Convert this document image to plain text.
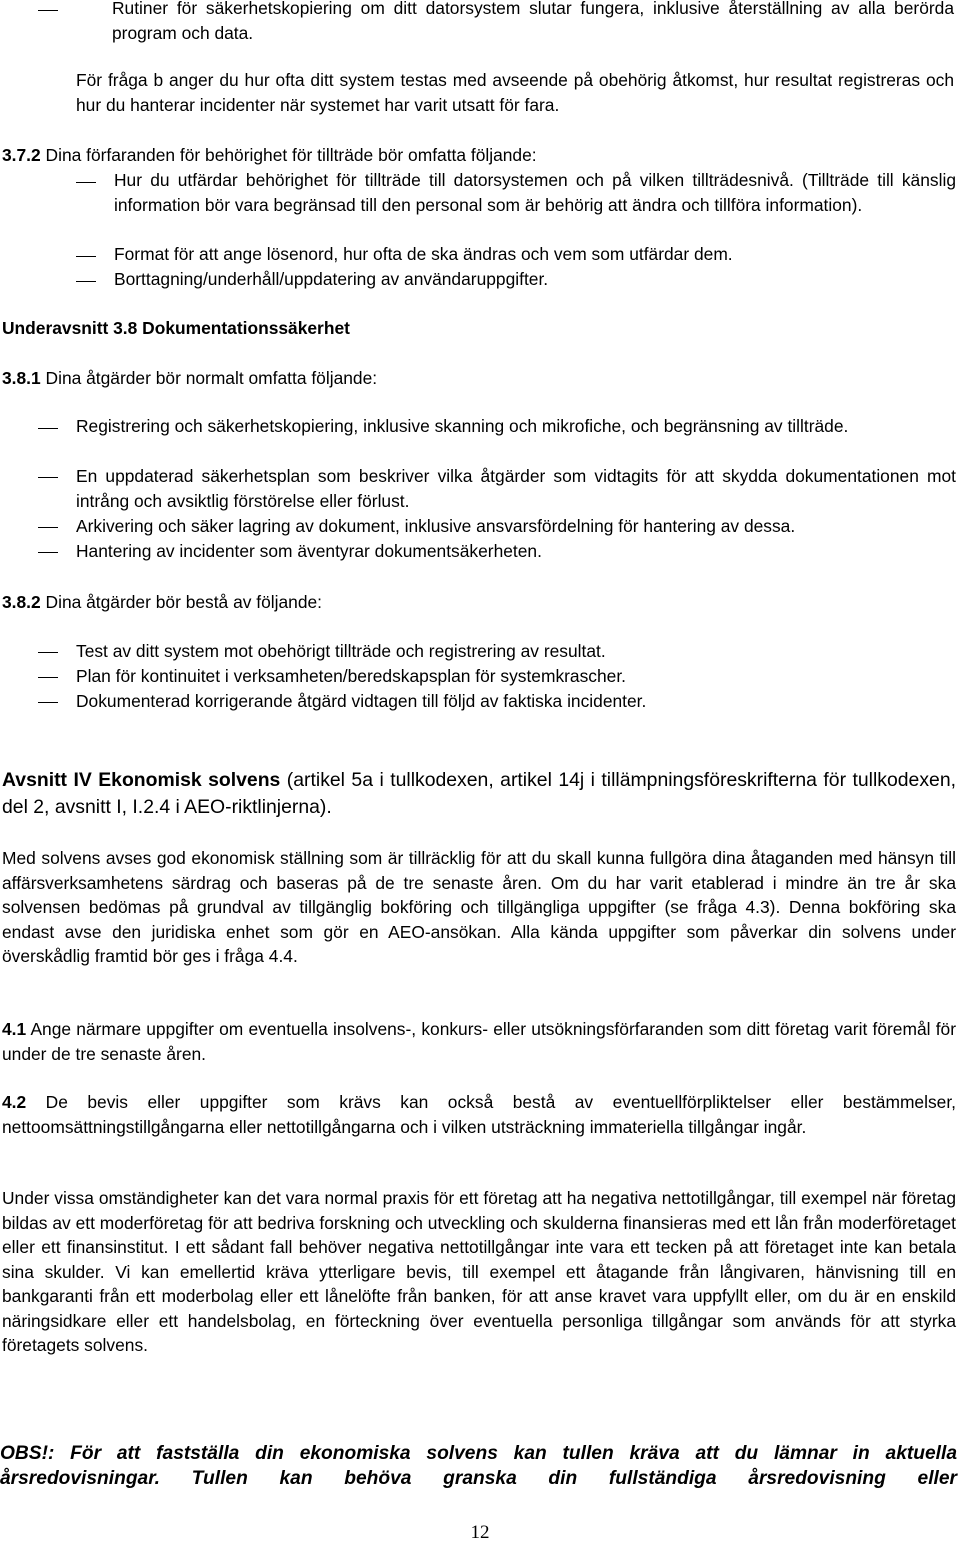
Rutiner för säkerhetskopiering om ditt datorsystem slutar fungera, inklusive återställning av alla berörda program och data.
För fråga b anger du hur ofta ditt system testas med avseende på obehörig åtkomst, hur resultat registreras och hur du hanterar incidenter när systemet har varit utsatt för fara.
3.7.2 Dina förfaranden för behörighet för tillträde bör omfatta följande:
Hur du utfärdar behörighet för tillträde till datorsystemen och på vilken tillträdesnivå. (Tillträde till känslig information bör vara begränsad till den personal som är behörig att ändra och tillföra information).
Format för att ange lösenord, hur ofta de ska ändras och vem som utfärdar dem.
Borttagning/underhåll/uppdatering av användaruppgifter.
Underavsnitt 3.8 Dokumentationssäkerhet
3.8.1 Dina åtgärder bör normalt omfatta följande:
Registrering och säkerhetskopiering, inklusive skanning och mikrofiche, och begränsning av tillträde.
En uppdaterad säkerhetsplan som beskriver vilka åtgärder som vidtagits för att skydda dokumentationen mot intrång och avsiktlig förstörelse eller förlust.
Arkivering och säker lagring av dokument, inklusive ansvarsfördelning för hantering av dessa.
Hantering av incidenter som äventyrar dokumentsäkerheten.
3.8.2 Dina åtgärder bör bestå av följande:
Test av ditt system mot obehörigt tillträde och registrering av resultat.
Plan för kontinuitet i verksamheten/beredskapsplan för systemkrascher.
Dokumenterad korrigerande åtgärd vidtagen till följd av faktiska incidenter.
Avsnitt IV Ekonomisk solvens (artikel 5a i tullkodexen, artikel 14j i tillämpningsföreskrifterna för tullkodexen, del 2, avsnitt I, I.2.4 i AEO-riktlinjerna).
Med solvens avses god ekonomisk ställning som är tillräcklig för att du skall kunna fullgöra dina åtaganden med hänsyn till affärsverksamhetens särdrag och baseras på de tre senaste åren. Om du har varit etablerad i mindre än tre år ska solvensen bedömas på grundval av tillgänglig bokföring och tillgängliga uppgifter (se fråga 4.3). Denna bokföring ska endast avse den juridiska enhet som gör en AEO-ansökan. Alla kända uppgifter som påverkar din solvens under överskådlig framtid bör ges i fråga 4.4.
4.1 Ange närmare uppgifter om eventuella insolvens-, konkurs- eller utsökningsförfaranden som ditt företag varit föremål för under de tre senaste åren.
4.2 De bevis eller uppgifter som krävs kan också bestå av eventuellförpliktelser eller bestämmelser, nettoomsättningstillgångarna eller nettotillgångarna och i vilken utsträckning immateriella tillgångar ingår.
Under vissa omständigheter kan det vara normal praxis för ett företag att ha negativa nettotillgångar, till exempel när företag bildas av ett moderföretag för att bedriva forskning och utveckling och skulderna finansieras med ett lån från moderföretaget eller ett finansinstitut. I ett sådant fall behöver negativa nettotillgångar inte vara ett tecken på att företaget inte kan betala sina skulder. Vi kan emellertid kräva ytterligare bevis, till exempel ett åtagande från långivaren, hänvisning till en bankgaranti från ett moderbolag eller ett lånelöfte från banken, för att anse kravet vara uppfyllt eller, om du är en enskild näringsidkare eller ett handelsbolag, en förteckning över eventuella personliga tillgångar som används för att styrka företagets solvens.
OBS!: För att fastställa din ekonomiska solvens kan tullen kräva att du lämnar in aktuella
årsredovisningar. Tullen kan behöva granska din fullständiga årsredovisning eller
12
